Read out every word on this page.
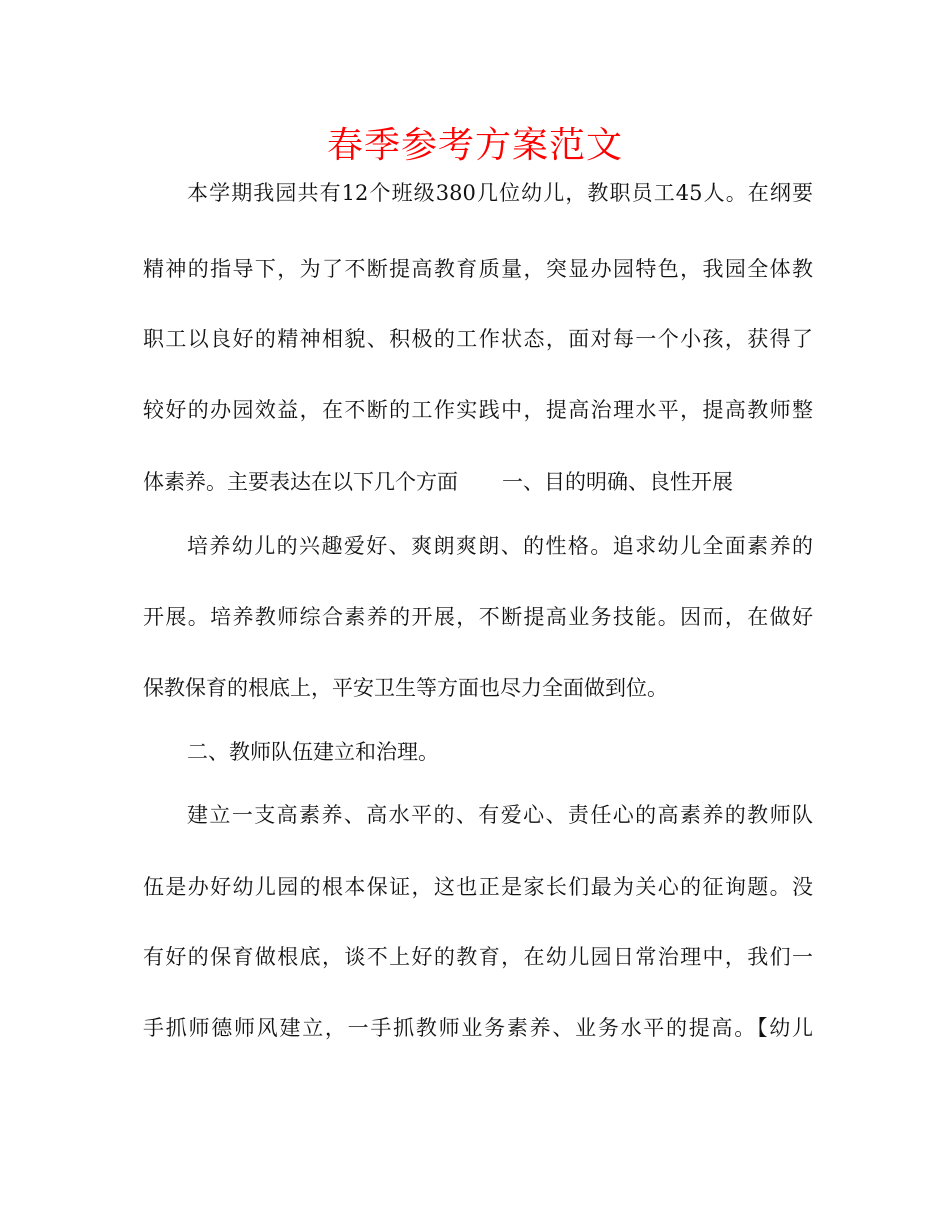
春季参考方案范文
本学期我园共有12个班级380几位幼儿，教职员工45人。在纲要
精神的指导下，为了不断提高教育质量，突显办园特色，我园全体教
职工以良好的精神相貌、积极的工作状态，面对每一个小孩，获得了
较好的办园效益，在不断的工作实践中，提高治理水平，提高教师整
体素养。主要表达在以下几个方面 一、目的明确、良性开展
培养幼儿的兴趣爱好、爽朗爽朗、的性格。追求幼儿全面素养的
开展。培养教师综合素养的开展，不断提高业务技能。因而，在做好
保教保育的根底上，平安卫生等方面也尽力全面做到位。
二、教师队伍建立和治理。
建立一支高素养、高水平的、有爱心、责任心的高素养的教师队
伍是办好幼儿园的根本保证，这也正是家长们最为关心的征询题。没
有好的保育做根底，谈不上好的教育，在幼儿园日常治理中，我们一
手抓师德师风建立，一手抓教师业务素养、业务水平的提高。【幼儿
